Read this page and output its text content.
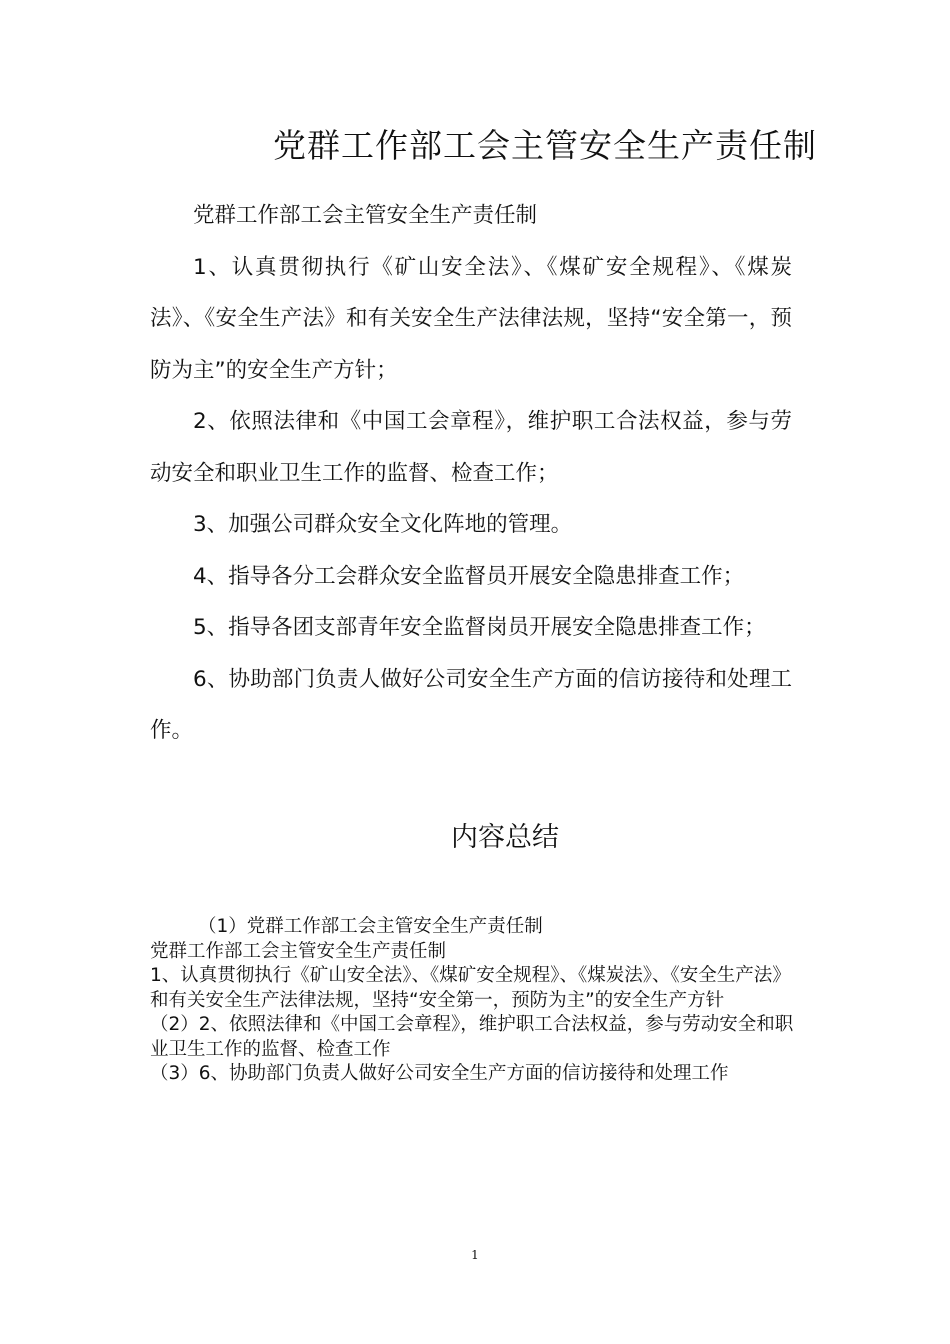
党群工作部工会主管安全生产责任制

党群工作部工会主管安全生产责任制

1、认真贯彻执行《矿山安全法》、《煤矿安全规程》、《煤炭法》、《安全生产法》和有关安全生产法律法规，坚持“安全第一，预防为主”的安全生产方针；

2、依照法律和《中国工会章程》，维护职工合法权益，参与劳动安全和职业卫生工作的监督、检查工作；

3、加强公司群众安全文化阵地的管理。

4、指导各分工会群众安全监督员开展安全隐患排查工作；

5、指导各团支部青年安全监督岗员开展安全隐患排查工作；

6、协助部门负责人做好公司安全生产方面的信访接待和处理工作。

内容总结

（1）党群工作部工会主管安全生产责任制

党群工作部工会主管安全生产责任制

1、认真贯彻执行《矿山安全法》、《煤矿安全规程》、《煤炭法》、《安全生产法》和有关安全生产法律法规，坚持“安全第一，预防为主”的安全生产方针

（2）2、依照法律和《中国工会章程》，维护职工合法权益，参与劳动安全和职业卫生工作的监督、检查工作

（3）6、协助部门负责人做好公司安全生产方面的信访接待和处理工作

1
